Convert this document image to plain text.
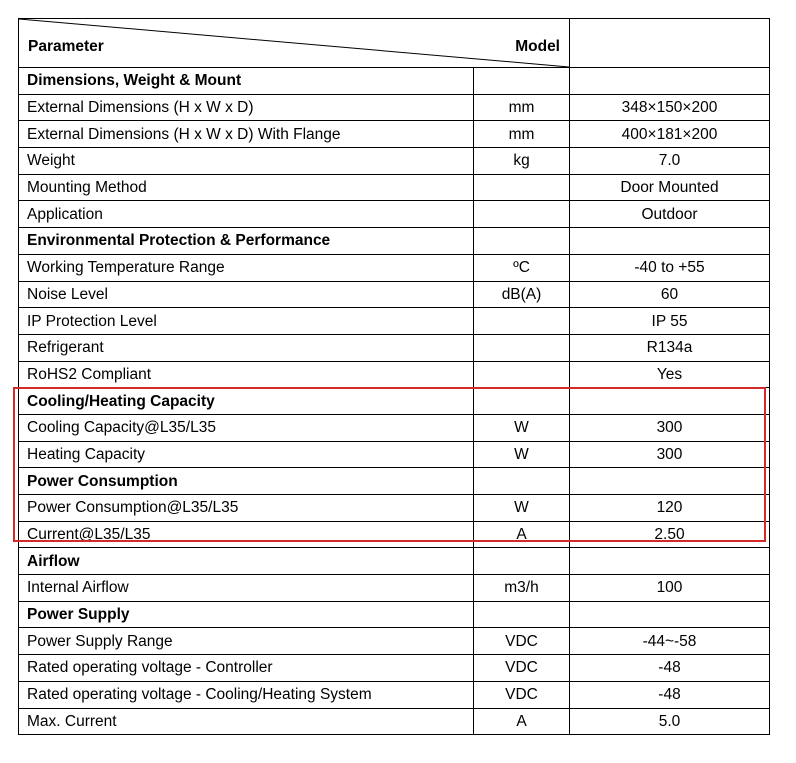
Parameter Model		

Dimensions, Weight & Mount		
External Dimensions (H x W x D)	mm	348×150×200
External Dimensions (H x W x D) With Flange	mm	400×181×200
Weight	kg	7.0
Mounting Method		Door Mounted
Application		Outdoor
Environmental Protection & Performance		
Working Temperature Range	ºC	-40 to +55
Noise Level	dB(A)	60
IP Protection Level		IP 55
Refrigerant		R134a
RoHS2 Compliant		Yes
Cooling/Heating Capacity		
Cooling Capacity@L35/L35	W	300
Heating Capacity	W	300
Power Consumption		
Power Consumption@L35/L35	W	120
Current@L35/L35	A	2.50
Airflow		
Internal Airflow	m3/h	100
Power Supply		
Power Supply Range	VDC	-44~-58
Rated operating voltage - Controller	VDC	-48
Rated operating voltage - Cooling/Heating System	VDC	-48
Max. Current	A	5.0
